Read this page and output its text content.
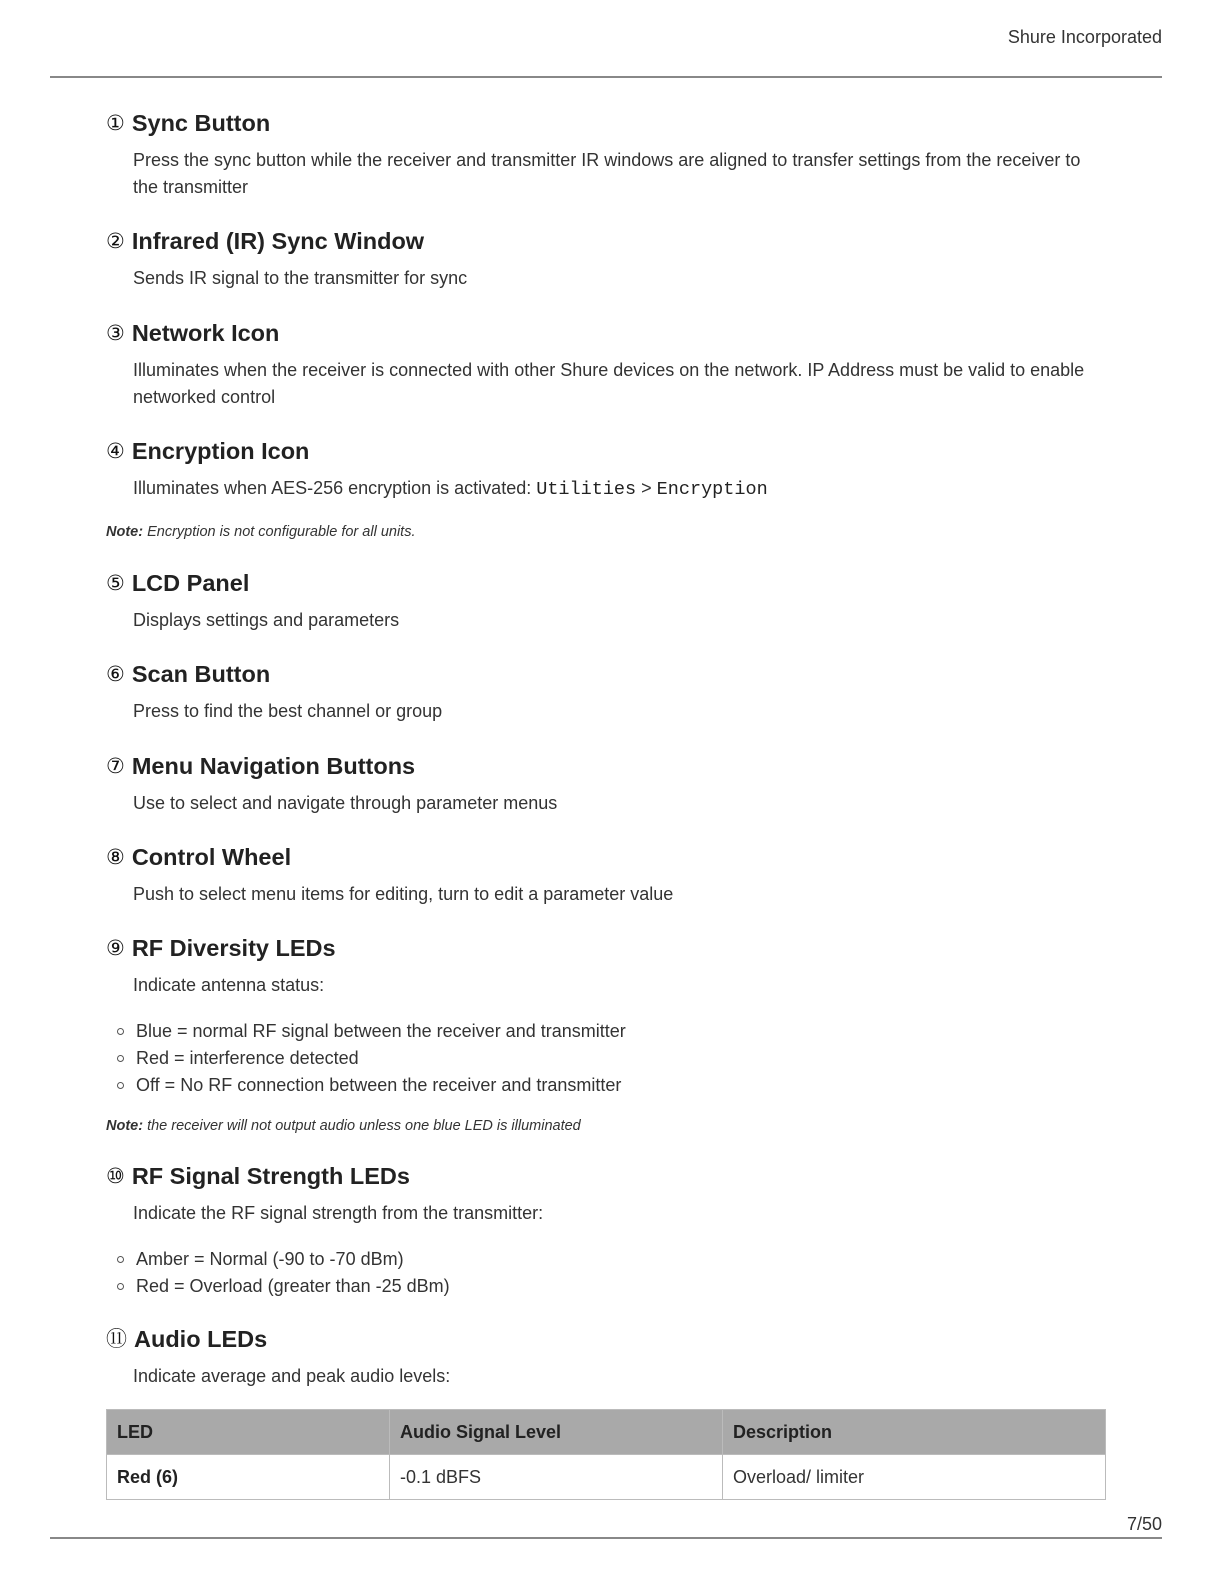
Shure Incorporated
① Sync Button

Press the sync button while the receiver and transmitter IR windows are aligned to transfer settings from the receiver to the transmitter

② Infrared (IR) Sync Window

Sends IR signal to the transmitter for sync

③ Network Icon

Illuminates when the receiver is connected with other Shure devices on the network. IP Address must be valid to enable networked control

④ Encryption Icon

Illuminates when AES-256 encryption is activated: Utilities > Encryption

Note: Encryption is not configurable for all units.
⑤ LCD Panel

Displays settings and parameters

⑥ Scan Button

Press to find the best channel or group

⑦ Menu Navigation Buttons

Use to select and navigate through parameter menus

⑧ Control Wheel

Push to select menu items for editing, turn to edit a parameter value

⑨ RF Diversity LEDs

Indicate antenna status:

Blue = normal RF signal between the receiver and transmitter
Red = interference detected
Off = No RF connection between the receiver and transmitter
Note: the receiver will not output audio unless one blue LED is illuminated
⑩ RF Signal Strength LEDs

Indicate the RF signal strength from the transmitter:

Amber = Normal (-90 to -70 dBm)
Red = Overload (greater than -25 dBm)
⑪ Audio LEDs

Indicate average and peak audio levels:

LED	Audio Signal Level	Description
Red (6)	-0.1 dBFS	Overload/ limiter
7/50
